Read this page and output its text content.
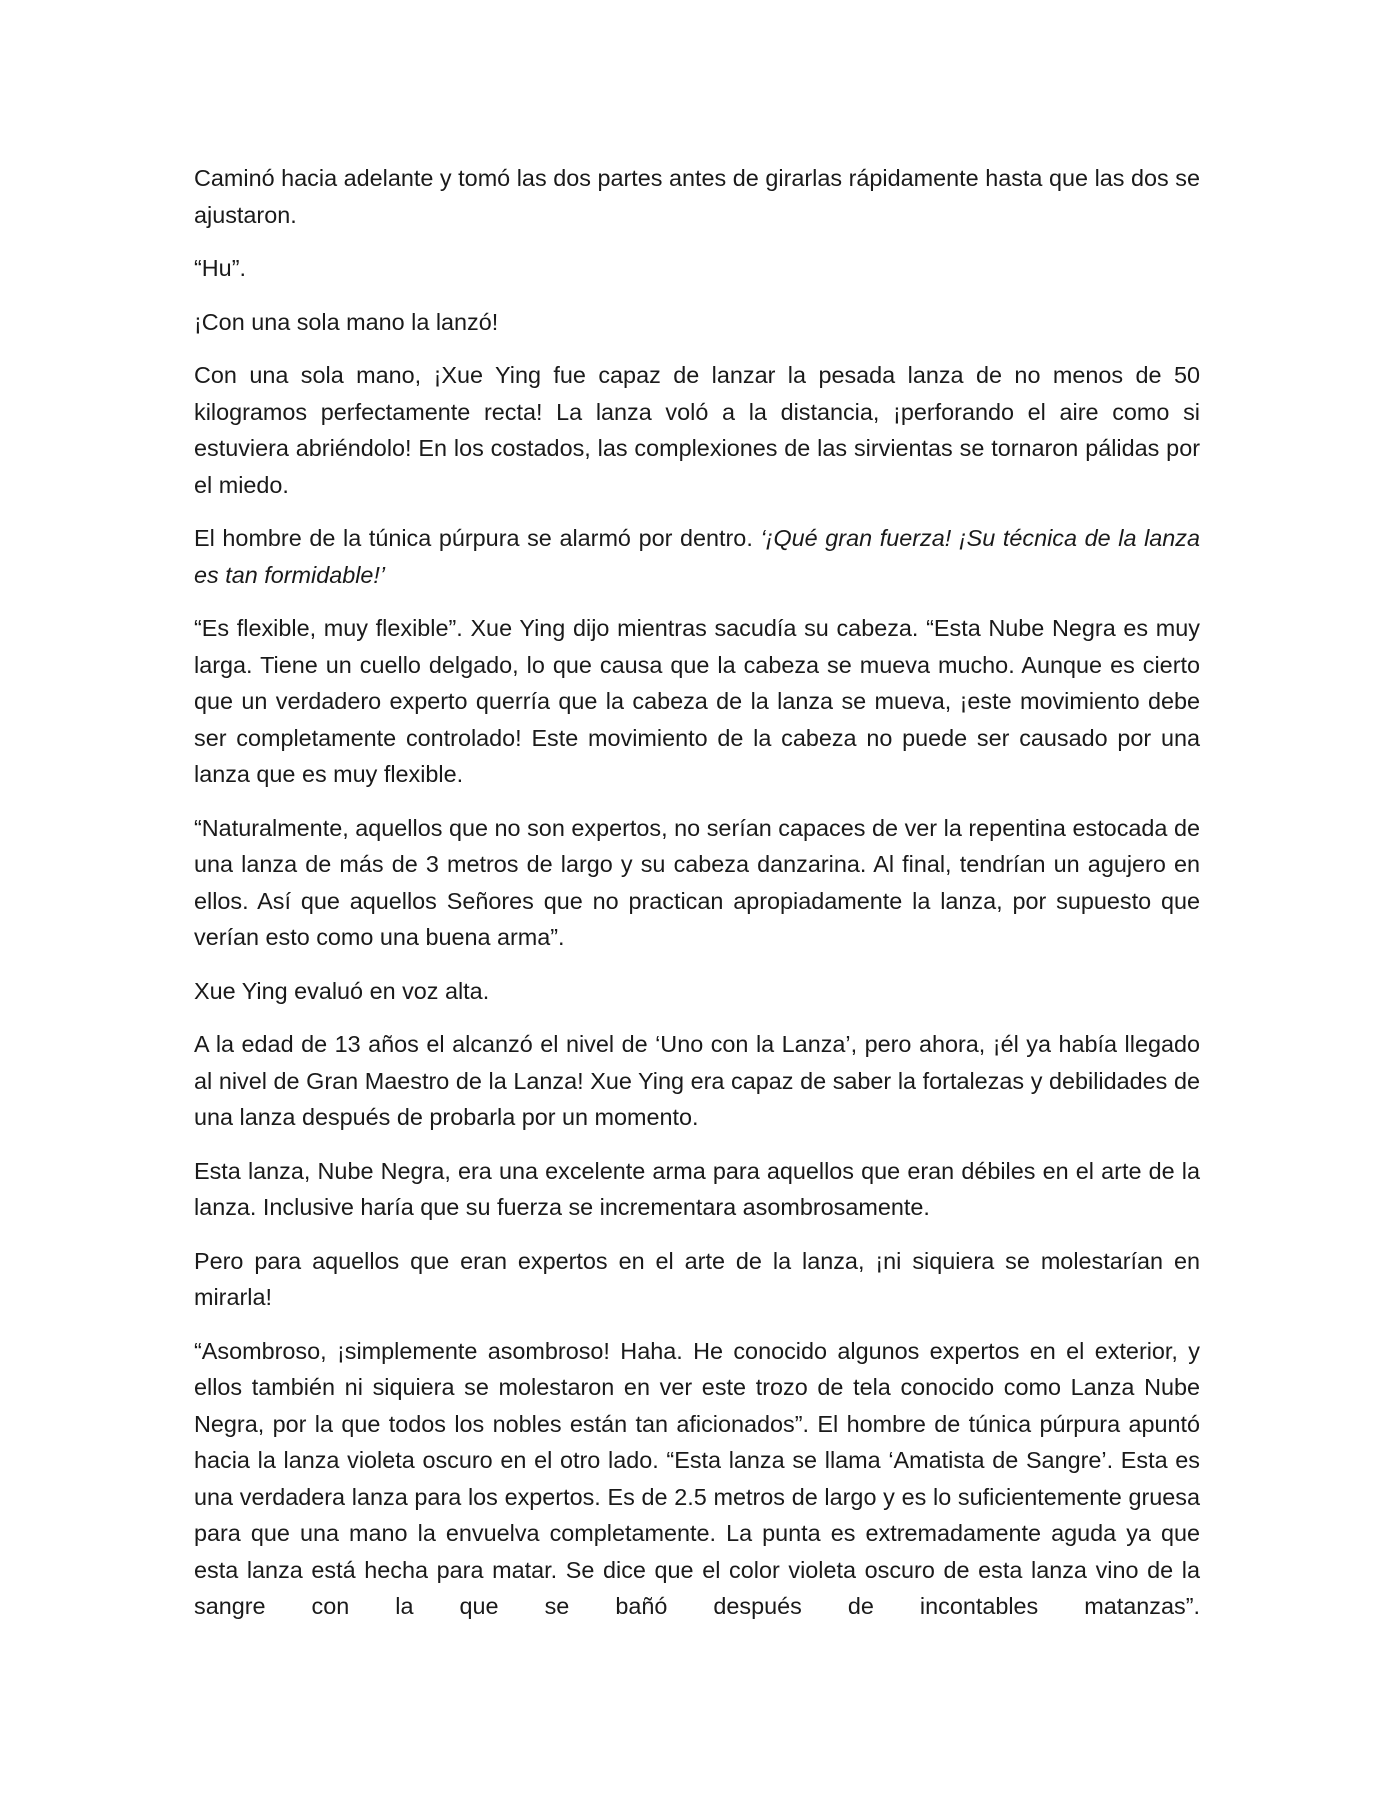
Caminó hacia adelante y tomó las dos partes antes de girarlas rápidamente hasta que las dos se ajustaron.

“Hu”.

¡Con una sola mano la lanzó!

Con una sola mano, ¡Xue Ying fue capaz de lanzar la pesada lanza de no menos de 50 kilogramos perfectamente recta! La lanza voló a la distancia, ¡perforando el aire como si estuviera abriéndolo! En los costados, las complexiones de las sirvientas se tornaron pálidas por el miedo.

El hombre de la túnica púrpura se alarmó por dentro. ‘¡Qué gran fuerza! ¡Su técnica de la lanza es tan formidable!’

“Es flexible, muy flexible”. Xue Ying dijo mientras sacudía su cabeza. “Esta Nube Negra es muy larga. Tiene un cuello delgado, lo que causa que la cabeza se mueva mucho. Aunque es cierto que un verdadero experto querría que la cabeza de la lanza se mueva, ¡este movimiento debe ser completamente controlado! Este movimiento de la cabeza no puede ser causado por una lanza que es muy flexible.

“Naturalmente, aquellos que no son expertos, no serían capaces de ver la repentina estocada de una lanza de más de 3 metros de largo y su cabeza danzarina. Al final, tendrían un agujero en ellos. Así que aquellos Señores que no practican apropiadamente la lanza, por supuesto que verían esto como una buena arma”.

Xue Ying evaluó en voz alta.

A la edad de 13 años el alcanzó el nivel de ‘Uno con la Lanza’, pero ahora, ¡él ya había llegado al nivel de Gran Maestro de la Lanza! Xue Ying era capaz de saber la fortalezas y debilidades de una lanza después de probarla por un momento.

Esta lanza, Nube Negra, era una excelente arma para aquellos que eran débiles en el arte de la lanza. Inclusive haría que su fuerza se incrementara asombrosamente.

Pero para aquellos que eran expertos en el arte de la lanza, ¡ni siquiera se molestarían en mirarla!

“Asombroso, ¡simplemente asombroso! Haha. He conocido algunos expertos en el exterior, y ellos también ni siquiera se molestaron en ver este trozo de tela conocido como Lanza Nube Negra, por la que todos los nobles están tan aficionados”. El hombre de túnica púrpura apuntó hacia la lanza violeta oscuro en el otro lado. “Esta lanza se llama ‘Amatista de Sangre’. Esta es una verdadera lanza para los expertos. Es de 2.5 metros de largo y es lo suficientemente gruesa para que una mano la envuelva completamente. La punta es extremadamente aguda ya que esta lanza está hecha para matar. Se dice que el color violeta oscuro de esta lanza vino de la sangre con la que se bañó después de incontables matanzas”.
